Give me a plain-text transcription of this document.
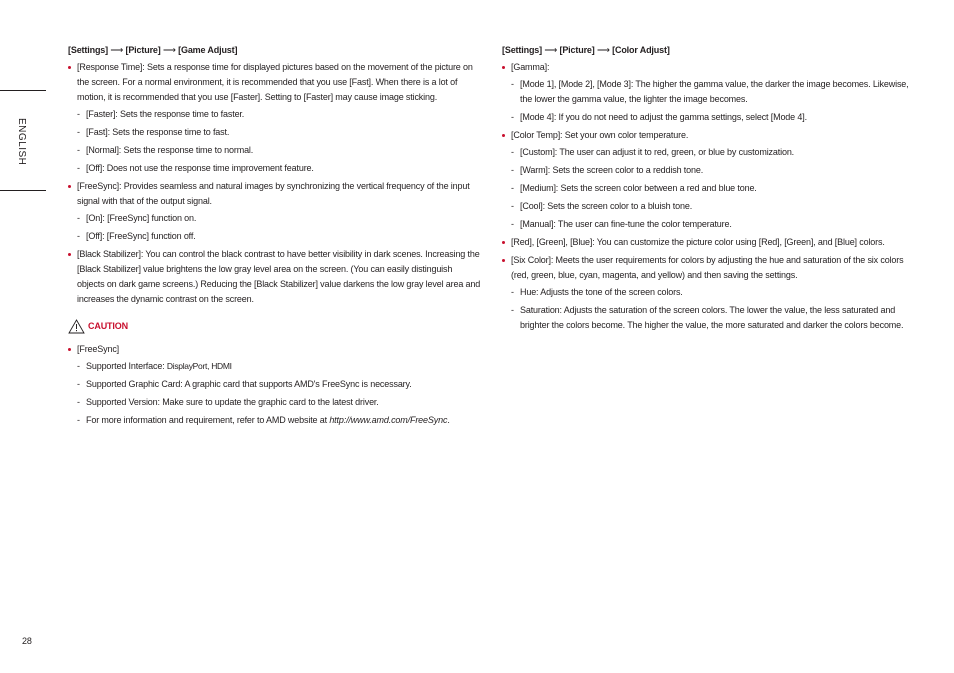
ENGLISH
[Settings] ⟶ [Picture] ⟶ [Game Adjust]
[Response Time]: Sets a response time for displayed pictures based on the movement of the picture on the screen. For a normal environment, it is recommended that you use [Fast]. When there is a lot of motion, it is recommended that you use [Faster]. Setting to [Faster] may cause image sticking.
- [Faster]: Sets the response time to faster.
- [Fast]: Sets the response time to fast.
- [Normal]: Sets the response time to normal.
- [Off]: Does not use the response time improvement feature.
[FreeSync]: Provides seamless and natural images by synchronizing the vertical frequency of the input signal with that of the output signal.
- [On]: [FreeSync] function on.
- [Off]: [FreeSync] function off.
[Black Stabilizer]: You can control the black contrast to have better visibility in dark scenes. Increasing the [Black Stabilizer] value brightens the low gray level area on the screen. (You can easily distinguish objects on dark game screens.) Reducing the [Black Stabilizer] value darkens the low gray level area and increases the dynamic contrast on the screen.
CAUTION
[FreeSync]
- Supported Interface: DisplayPort, HDMI
- Supported Graphic Card: A graphic card that supports AMD's FreeSync is necessary.
- Supported Version: Make sure to update the graphic card to the latest driver.
- For more information and requirement, refer to AMD website at http://www.amd.com/FreeSync.
[Settings] ⟶ [Picture] ⟶ [Color Adjust]
[Gamma]:
- [Mode 1], [Mode 2], [Mode 3]: The higher the gamma value, the darker the image becomes. Likewise, the lower the gamma value, the lighter the image becomes.
- [Mode 4]: If you do not need to adjust the gamma settings, select [Mode 4].
[Color Temp]: Set your own color temperature.
- [Custom]: The user can adjust it to red, green, or blue by customization.
- [Warm]: Sets the screen color to a reddish tone.
- [Medium]: Sets the screen color between a red and blue tone.
- [Cool]: Sets the screen color to a bluish tone.
- [Manual]: The user can fine-tune the color temperature.
[Red], [Green], [Blue]: You can customize the picture color using [Red], [Green], and [Blue] colors.
[Six Color]: Meets the user requirements for colors by adjusting the hue and saturation of the six colors (red, green, blue, cyan, magenta, and yellow) and then saving the settings.
- Hue: Adjusts the tone of the screen colors.
- Saturation: Adjusts the saturation of the screen colors. The lower the value, the less saturated and brighter the colors become. The higher the value, the more saturated and darker the colors become.
28
